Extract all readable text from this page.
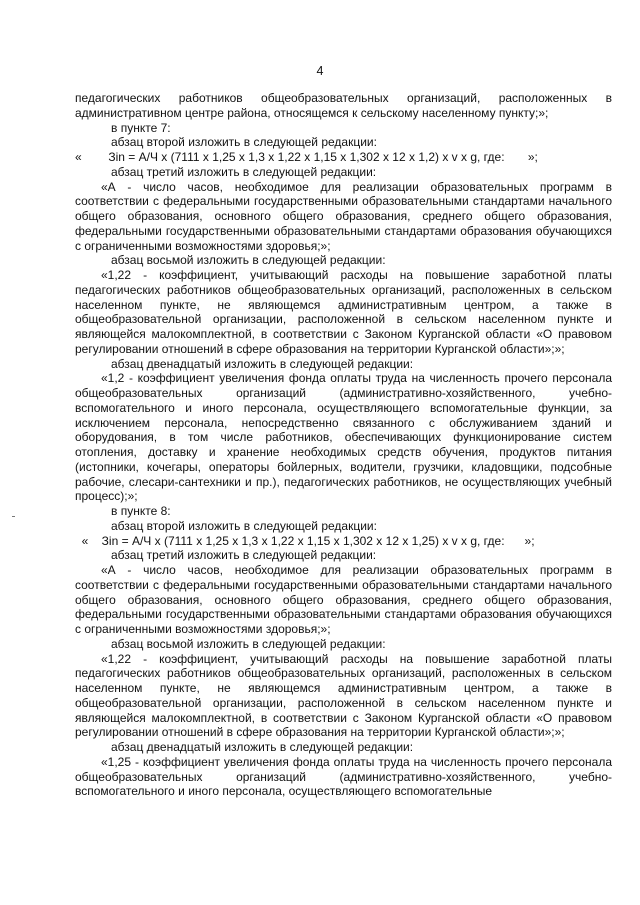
4

педагогических работников общеобразовательных организаций, расположенных в административном центре района, относящемся к сельскому населенному пункту;»;

в пункте 7:

абзац второй изложить в следующей редакции:

«        Зin = А/Ч х (7111 х 1,25 х 1,3 х 1,22 х 1,15 х 1,302 х 12 х 1,2) х v х g, где:       »;

абзац третий изложить в следующей редакции:

«А - число часов, необходимое для реализации образовательных программ в соответствии с федеральными государственными образовательными стандартами начального общего образования, основного общего образования, среднего общего образования, федеральными государственными образовательными стандартами образования обучающихся с ограниченными возможностями здоровья;»;

абзац восьмой изложить в следующей редакции:

«1,22 - коэффициент, учитывающий расходы на повышение заработной платы педагогических работников общеобразовательных организаций, расположенных в сельском населенном пункте, не являющемся административным центром, а также в общеобразовательной организации, расположенной в сельском населенном пункте и являющейся малокомплектной, в соответствии с Законом Курганской области «О правовом регулировании отношений в сфере образования на территории Курганской области»;»;

абзац двенадцатый изложить в следующей редакции:

«1,2 - коэффициент увеличения фонда оплаты труда на численность прочего персонала общеобразовательных организаций (административно-хозяйственного, учебно-вспомогательного и иного персонала, осуществляющего вспомогательные функции, за исключением персонала, непосредственно связанного с обслуживанием зданий и оборудования, в том числе работников, обеспечивающих функционирование систем отопления, доставку и хранение необходимых средств обучения, продуктов питания (истопники, кочегары, операторы бойлерных, водители, грузчики, кладовщики, подсобные рабочие, слесари-сантехники и пр.), педагогических работников, не осуществляющих учебный процесс);»;

в пункте 8:

абзац второй изложить в следующей редакции:

«    Зin = А/Ч х (7111 х 1,25 х 1,3 х 1,22 х 1,15 х 1,302 х 12 х 1,25) х v х g, где:      »;

абзац третий изложить в следующей редакции:

«А - число часов, необходимое для реализации образовательных программ в соответствии с федеральными государственными образовательными стандартами начального общего образования, основного общего образования, среднего общего образования, федеральными государственными образовательными стандартами образования обучающихся с ограниченными возможностями здоровья;»;

абзац восьмой изложить в следующей редакции:

«1,22 - коэффициент, учитывающий расходы на повышение заработной платы педагогических работников общеобразовательных организаций, расположенных в сельском населенном пункте, не являющемся административным центром, а также в общеобразовательной организации, расположенной в сельском населенном пункте и являющейся малокомплектной, в соответствии с Законом Курганской области «О правовом регулировании отношений в сфере образования на территории Курганской области»;»;

абзац двенадцатый изложить в следующей редакции:

«1,25 - коэффициент увеличения фонда оплаты труда на численность прочего персонала общеобразовательных организаций (административно-хозяйственного, учебно-вспомогательного и иного персонала, осуществляющего вспомогательные
